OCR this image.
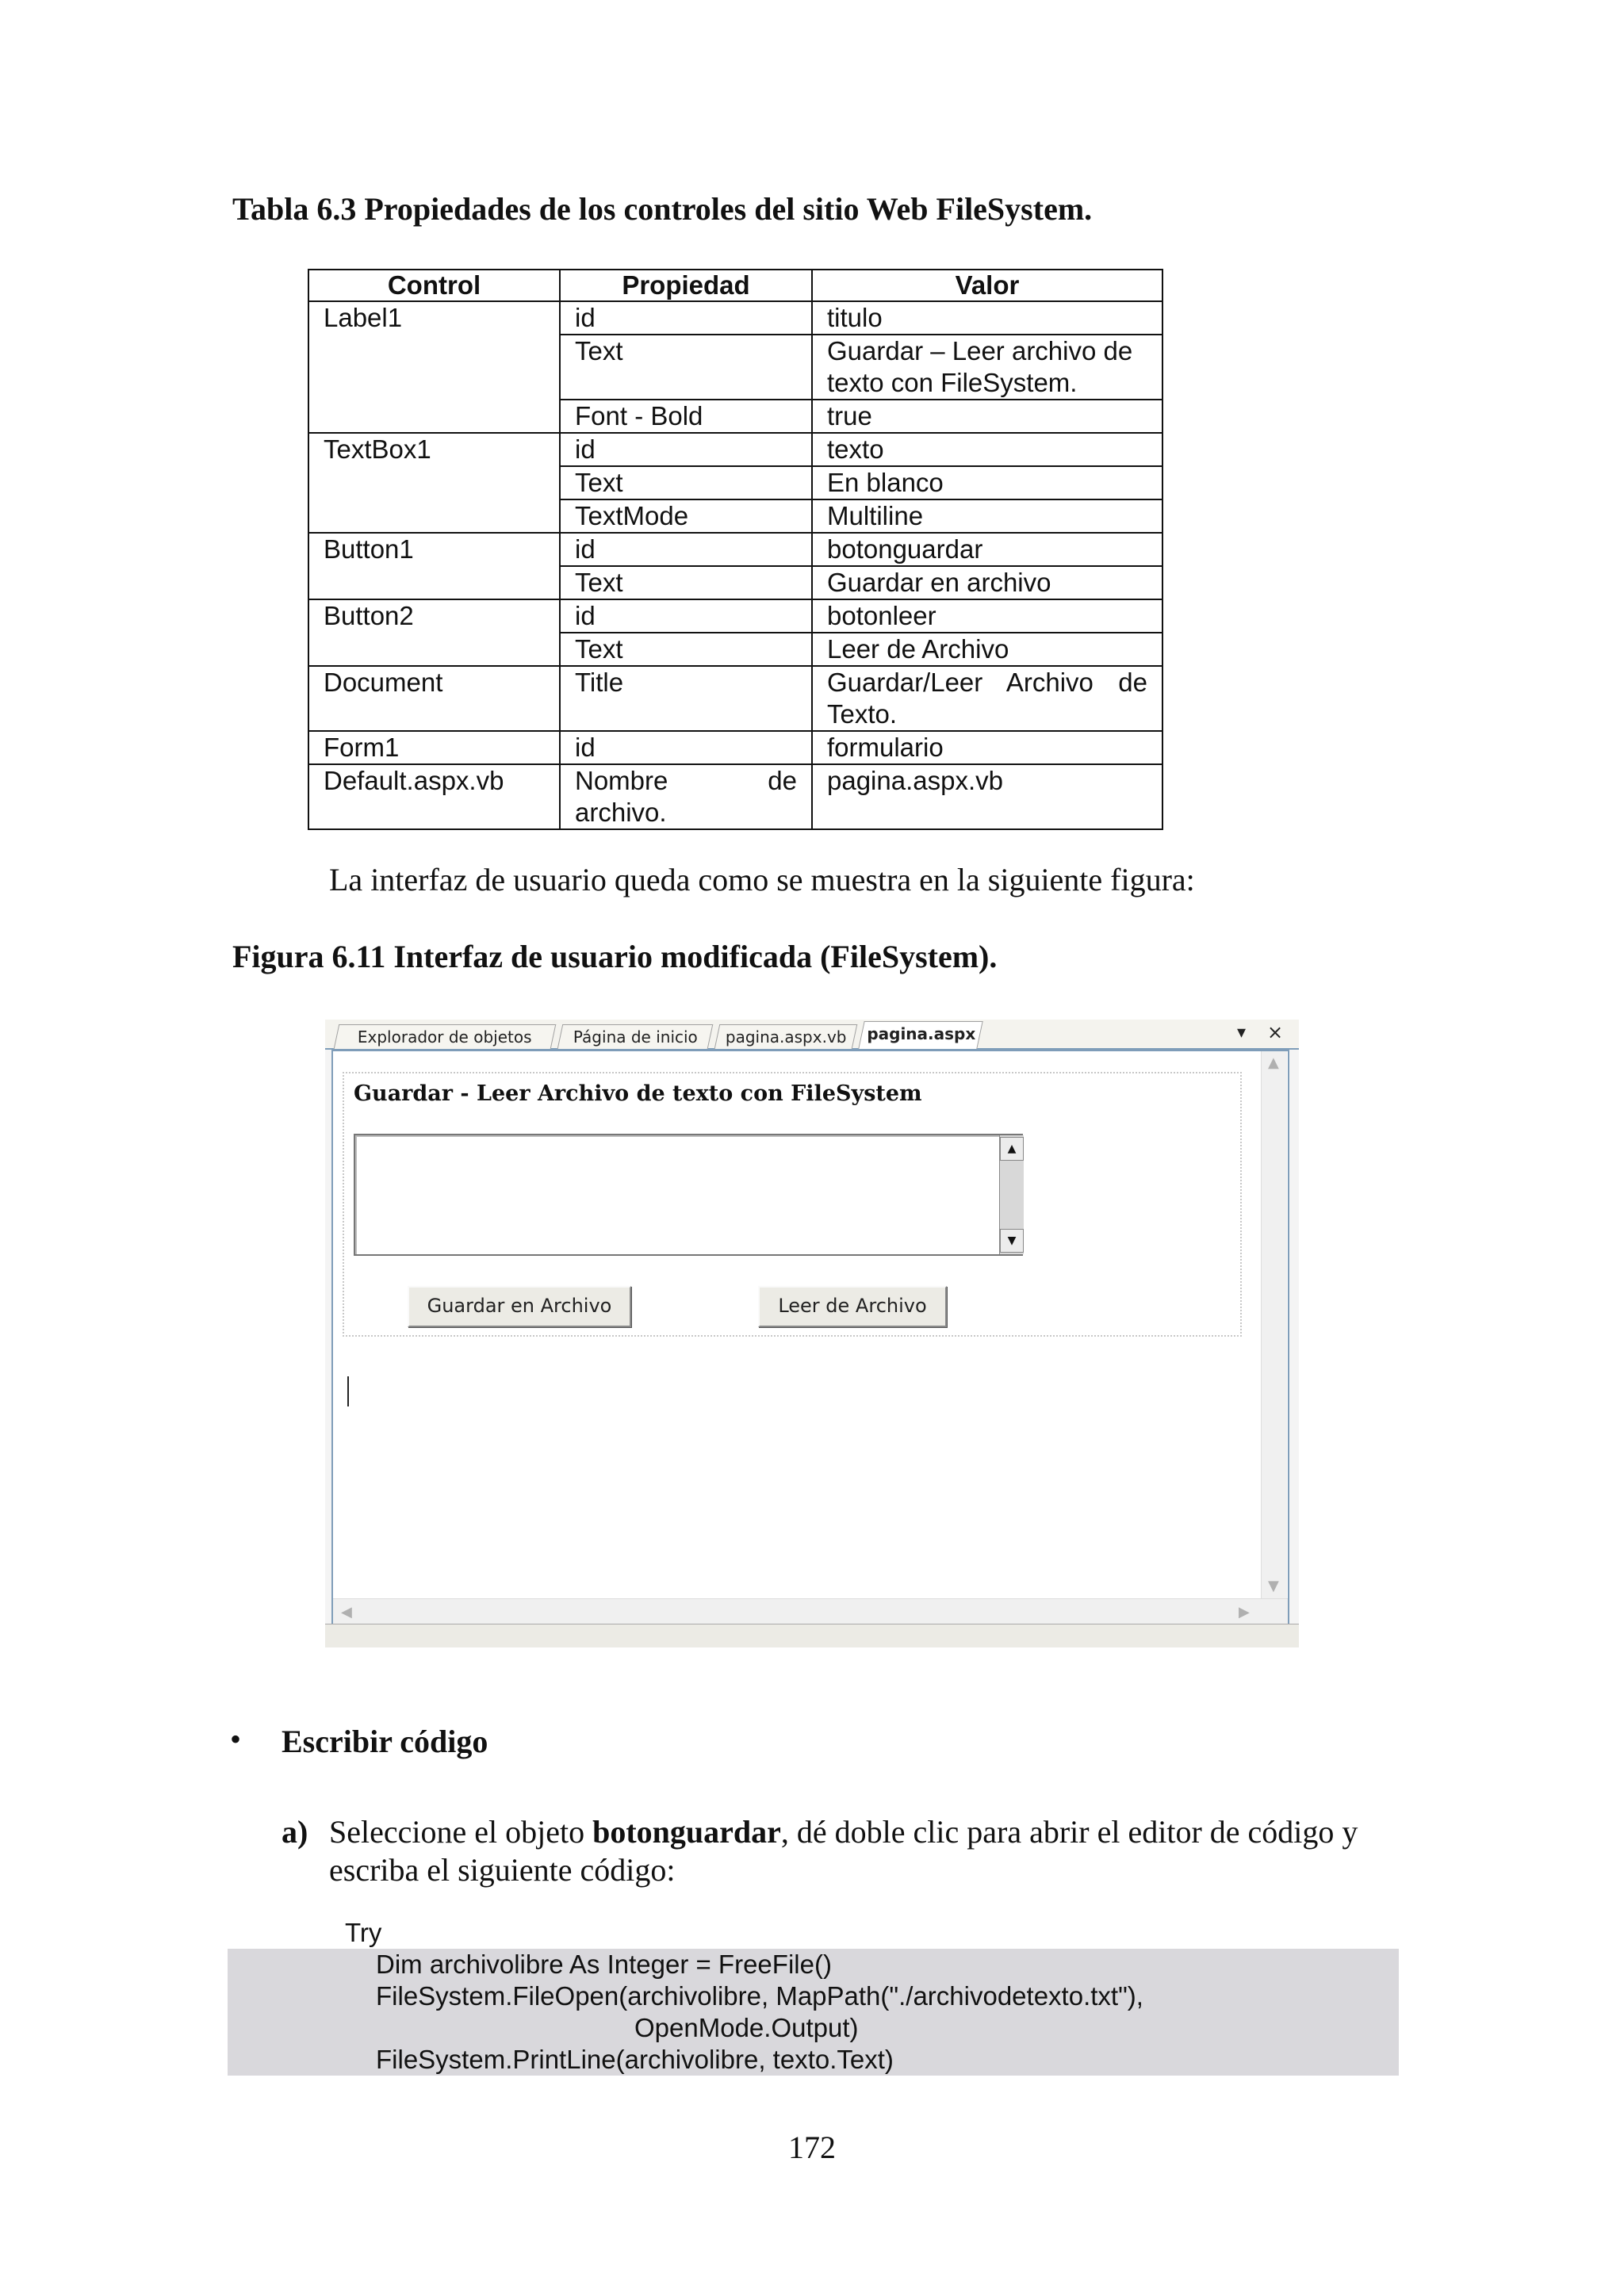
Tabla 6.3 Propiedades de los controles del sitio Web FileSystem.
Control	Propiedad	Valor
Label1	id	titulo
	Text	Guardar – Leer archivo de texto con FileSystem.
	Font - Bold	true
TextBox1	id	texto
	Text	En blanco
	TextMode	Multiline
Button1	id	botonguardar
	Text	Guardar en archivo
Button2	id	botonleer
	Text	Leer de Archivo
Document	Title	Guardar/Leer Archivo de Texto.
Form1	id	formulario
Default.aspx.vb	Nombre de archivo.	pagina.aspx.vb
La interfaz de usuario queda como se muestra en la siguiente figura:
Figura 6.11 Interfaz de usuario modificada (FileSystem).
Explorador de objetos	Página de inicio	pagina.aspx.vb	pagina.aspx	▾ ×
Guardar - Leer Archivo de texto con FileSystem
▲
▼
Guardar en Archivo	Leer de Archivo
▲
▼
◀	▶
• Escribir código
a) Seleccione el objeto botonguardar, dé doble clic para abrir el editor de código y escriba el siguiente código:
Try
Dim archivolibre As Integer = FreeFile()
FileSystem.FileOpen(archivolibre, MapPath("./archivodetexto.txt"),
OpenMode.Output)
FileSystem.PrintLine(archivolibre, texto.Text)
172
